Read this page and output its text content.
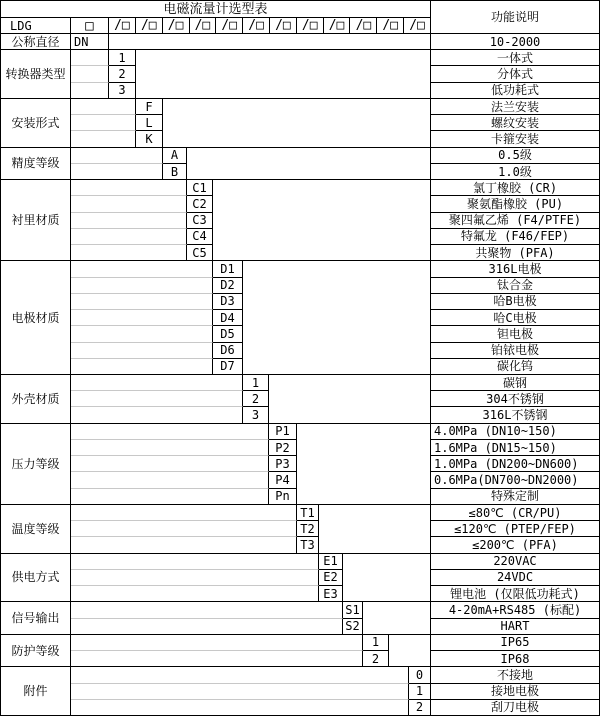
电磁流量计选型表
功能说明
LDG	□	/□ /□ /□ /□ /□ /□ /□ /□ /□ /□ /□ /□
公称直径	DN	10-2000
转换器类型
1	一体式
2	分体式
3	低功耗式
安装形式
F	法兰安装
L	螺纹安装
K	卡箍安装
精度等级
A	0.5级
B	1.0级
衬里材质
C1	氯丁橡胶 (CR)
C2	聚氨酯橡胶 (PU)
C3	聚四氟乙烯 (F4/PTFE)
C4	特氟龙 (F46/FEP)
C5	共聚物 (PFA)
电极材质
D1	316L电极
D2	钛合金
D3	哈B电极
D4	哈C电极
D5	钽电极
D6	铂铱电极
D7	碳化钨
外壳材质
1	碳钢
2	304不锈钢
3	316L不锈钢
压力等级
P1	4.0MPa (DN10~150)
P2	1.6MPa (DN15~150)
P3	1.0MPa (DN200~DN600)
P4	0.6MPa(DN700~DN2000)
Pn	特殊定制
温度等级
T1	≤80℃ (CR/PU)
T2	≤120℃ (PTEP/FEP)
T3	≤200℃ (PFA)
供电方式
E1	220VAC
E2	24VDC
E3	锂电池 (仅限低功耗式)
信号输出
S1	4-20mA+RS485 (标配)
S2	HART
防护等级
1	IP65
2	IP68
附件
0	不接地
1	接地电极
2	刮刀电极
